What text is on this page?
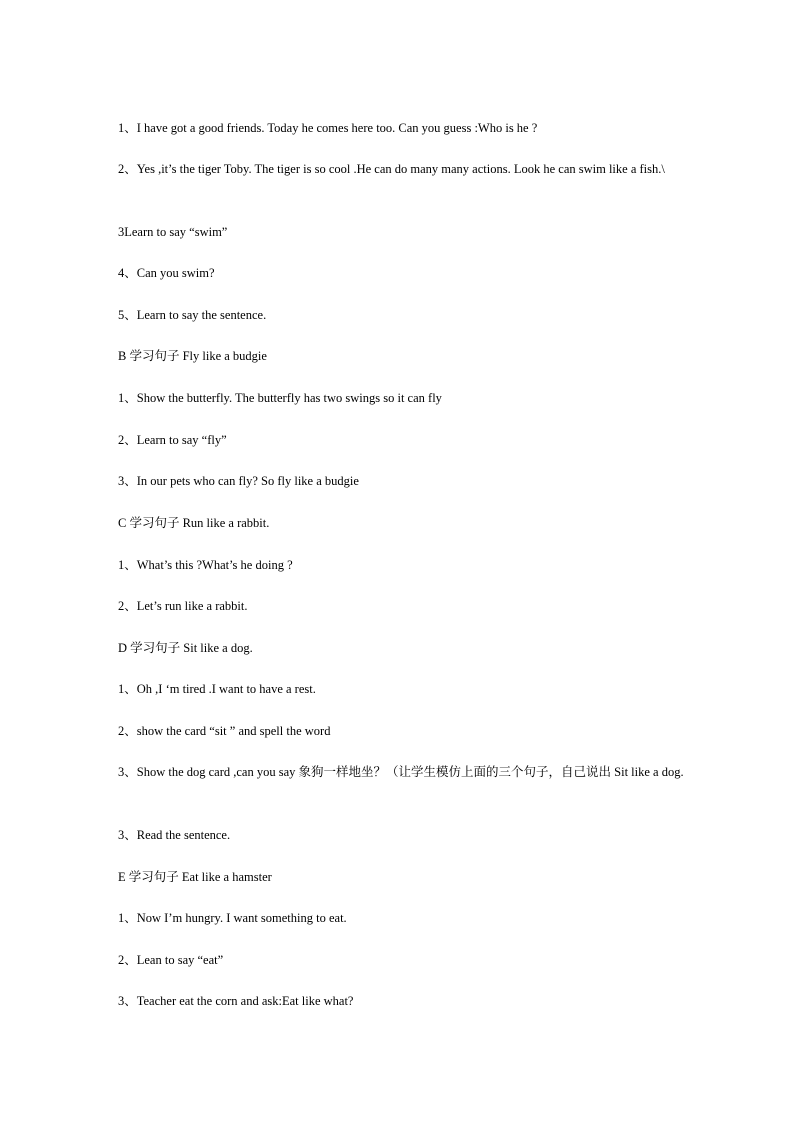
1、I have got a good friends. Today he comes here too. Can you guess :Who is he ?
2、Yes ,it’s the tiger Toby. The tiger is so cool .He can do many many actions. Look he can swim like a fish.\
3Learn to say “swim”
4、Can you swim?
5、Learn to say the sentence.
B 学习句子 Fly like a budgie
1、Show the butterfly. The butterfly has two swings so it can fly
2、Learn to say “fly”
3、In our pets who can fly? So fly like a budgie
C 学习句子 Run like a rabbit.
1、What’s this ?What’s he doing ?
2、Let’s run like a rabbit.
D 学习句子 Sit like a dog.
1、Oh ,I ‘m tired .I want to have a rest.
2、show the card “sit ” and spell the word
3、Show the dog card ,can you say 象狗一样地坐？（让学生模仿上面的三个句子，自己说出 Sit like a dog.
3、Read the sentence.
E 学习句子 Eat like a hamster
1、Now I’m hungry. I want something to eat.
2、Lean to say “eat”
3、Teacher eat the corn and ask:Eat like what?
